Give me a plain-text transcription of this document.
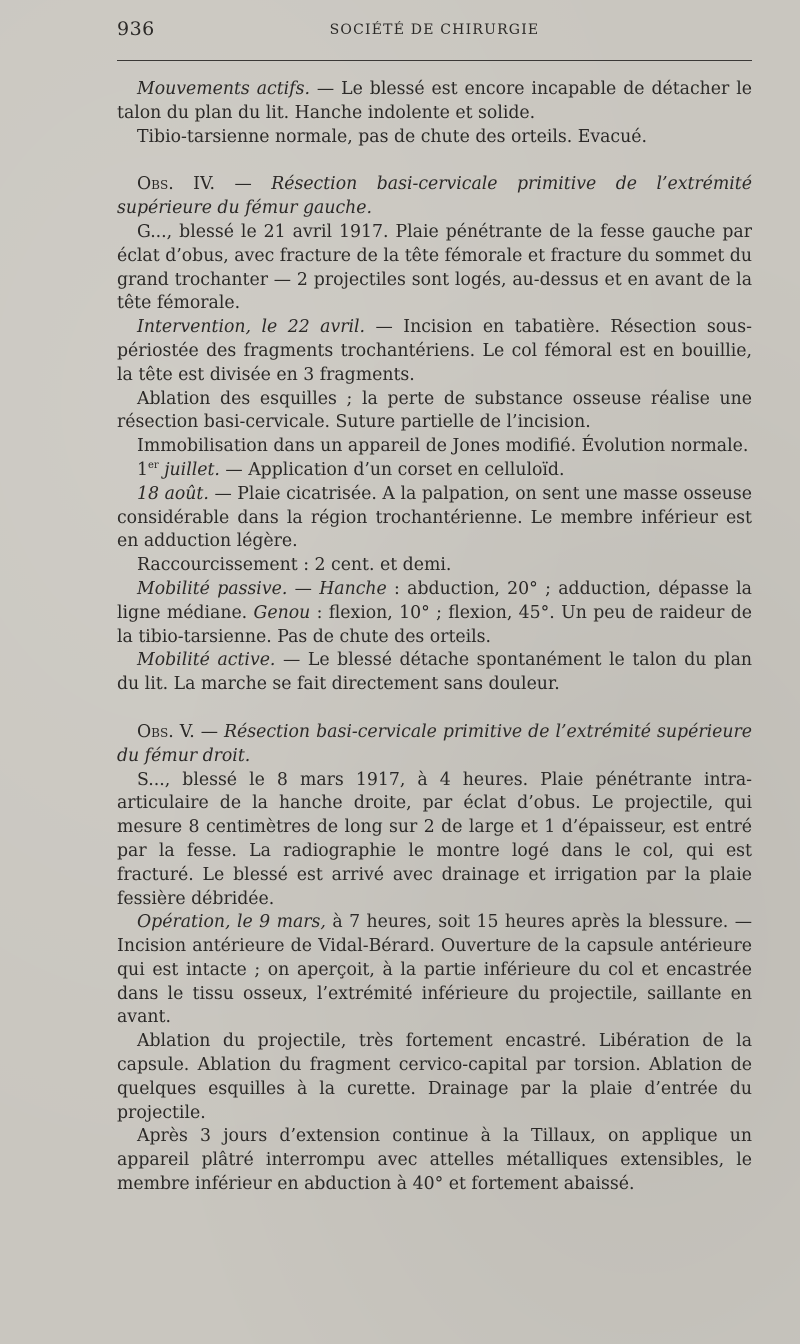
936	SOCIÉTÉ DE CHIRURGIE

Mouvements actifs. — Le blessé est encore incapable de détacher le talon du plan du lit. Hanche indolente et solide.

Tibio-tarsienne normale, pas de chute des orteils. Evacué.

Obs. IV. — Résection basi-cervicale primitive de l’extrémité supérieure du fémur gauche.

G..., blessé le 21 avril 1917. Plaie pénétrante de la fesse gauche par éclat d’obus, avec fracture de la tête fémorale et fracture du sommet du grand trochanter — 2 projectiles sont logés, au-dessus et en avant de la tête fémorale.

Intervention, le 22 avril. — Incision en tabatière. Résection sous-périostée des fragments trochantériens. Le col fémoral est en bouillie, la tête est divisée en 3 fragments.

Ablation des esquilles ; la perte de substance osseuse réalise une résection basi-cervicale. Suture partielle de l’incision.

Immobilisation dans un appareil de Jones modifié. Évolution normale.

1er juillet. — Application d’un corset en celluloïd.

18 août. — Plaie cicatrisée. A la palpation, on sent une masse osseuse considérable dans la région trochantérienne. Le membre inférieur est en adduction légère.

Raccourcissement : 2 cent. et demi.

Mobilité passive. — Hanche : abduction, 20° ; adduction, dépasse la ligne médiane. Genou : flexion, 10° ; flexion, 45°. Un peu de raideur de la tibio-tarsienne. Pas de chute des orteils.

Mobilité active. — Le blessé détache spontanément le talon du plan du lit. La marche se fait directement sans douleur.

Obs. V. — Résection basi-cervicale primitive de l’extrémité supérieure du fémur droit.

S..., blessé le 8 mars 1917, à 4 heures. Plaie pénétrante intra-articulaire de la hanche droite, par éclat d’obus. Le projectile, qui mesure 8 centimètres de long sur 2 de large et 1 d’épaisseur, est entré par la fesse. La radiographie le montre logé dans le col, qui est fracturé. Le blessé est arrivé avec drainage et irrigation par la plaie fessière débridée.

Opération, le 9 mars, à 7 heures, soit 15 heures après la blessure. — Incision antérieure de Vidal-Bérard. Ouverture de la capsule antérieure qui est intacte ; on aperçoit, à la partie inférieure du col et encastrée dans le tissu osseux, l’extrémité inférieure du projectile, saillante en avant.

Ablation du projectile, très fortement encastré. Libération de la capsule. Ablation du fragment cervico-capital par torsion. Ablation de quelques esquilles à la curette. Drainage par la plaie d’entrée du projectile.

Après 3 jours d’extension continue à la Tillaux, on applique un appareil plâtré interrompu avec attelles métalliques extensibles, le membre inférieur en abduction à 40° et fortement abaissé.
